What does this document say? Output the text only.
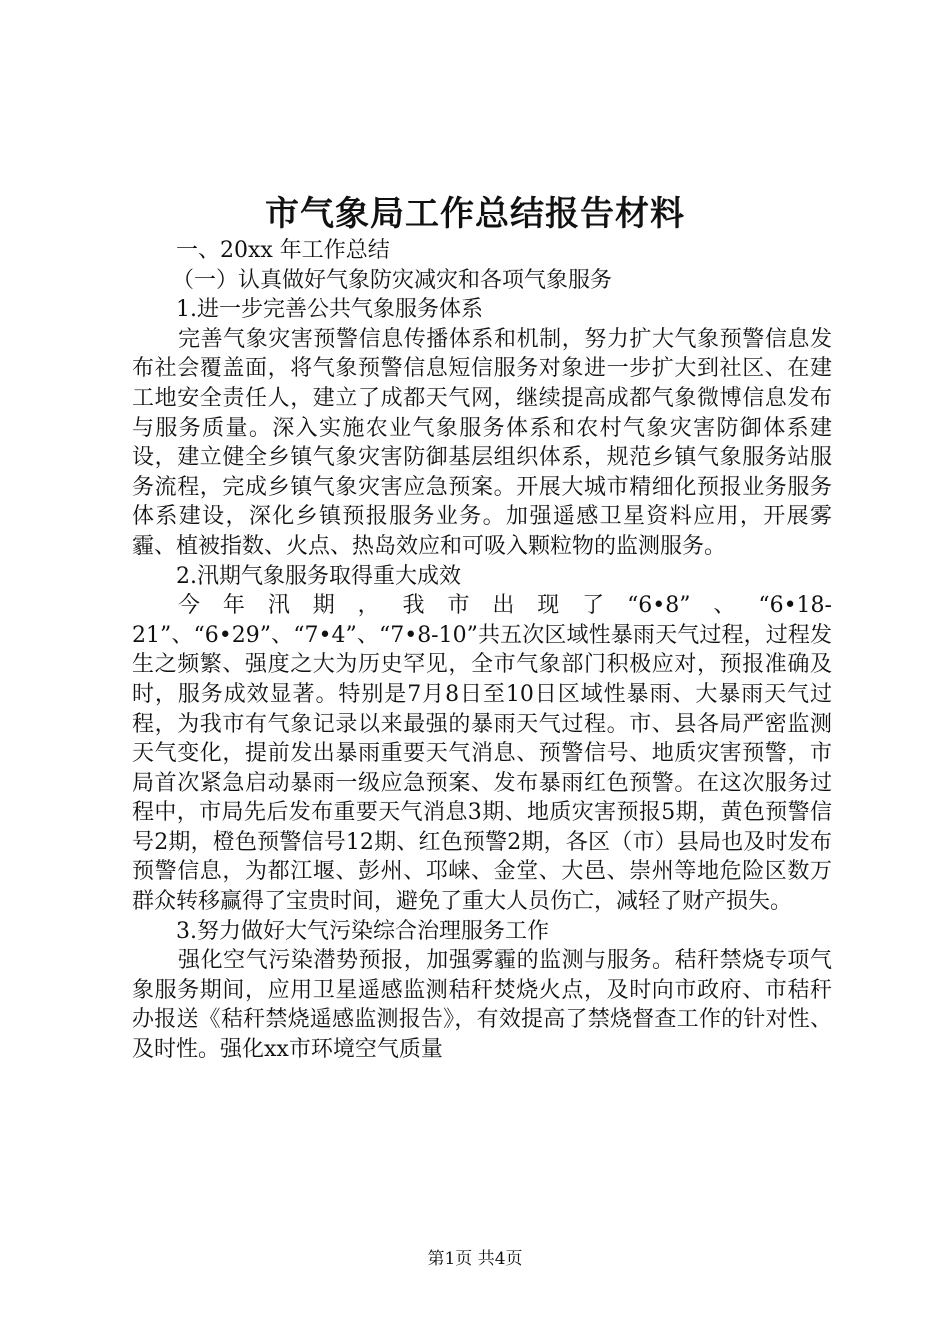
市气象局工作总结报告材料

一、20xx 年工作总结

（一）认真做好气象防灾减灾和各项气象服务

1.进一步完善公共气象服务体系

完善气象灾害预警信息传播体系和机制，努力扩大气象预警信息发布社会覆盖面，将气象预警信息短信服务对象进一步扩大到社区、在建工地安全责任人，建立了成都天气网，继续提高成都气象微博信息发布与服务质量。深入实施农业气象服务体系和农村气象灾害防御体系建设，建立健全乡镇气象灾害防御基层组织体系，规范乡镇气象服务站服务流程，完成乡镇气象灾害应急预案。开展大城市精细化预报业务服务体系建设，深化乡镇预报服务业务。加强遥感卫星资料应用，开展雾霾、植被指数、火点、热岛效应和可吸入颗粒物的监测服务。

2.汛期气象服务取得重大成效

今年汛期，我市出现了“6•8”、“6•18-21”、“6•29”、“7•4”、“7•8-10”共五次区域性暴雨天气过程，过程发生之频繁、强度之大为历史罕见，全市气象部门积极应对，预报准确及时，服务成效显著。特别是7月8日至10日区域性暴雨、大暴雨天气过程，为我市有气象记录以来最强的暴雨天气过程。市、县各局严密监测天气变化，提前发出暴雨重要天气消息、预警信号、地质灾害预警，市局首次紧急启动暴雨一级应急预案、发布暴雨红色预警。在这次服务过程中，市局先后发布重要天气消息3期、地质灾害预报5期，黄色预警信号2期，橙色预警信号12期、红色预警2期，各区（市）县局也及时发布预警信息，为都江堰、彭州、邛崃、金堂、大邑、崇州等地危险区数万群众转移赢得了宝贵时间，避免了重大人员伤亡，减轻了财产损失。

3.努力做好大气污染综合治理服务工作

强化空气污染潜势预报，加强雾霾的监测与服务。秸秆禁烧专项气象服务期间，应用卫星遥感监测秸秆焚烧火点，及时向市政府、市秸秆办报送《秸秆禁烧遥感监测报告》，有效提高了禁烧督查工作的针对性、及时性。强化xx市环境空气质量

第1页 共4页
